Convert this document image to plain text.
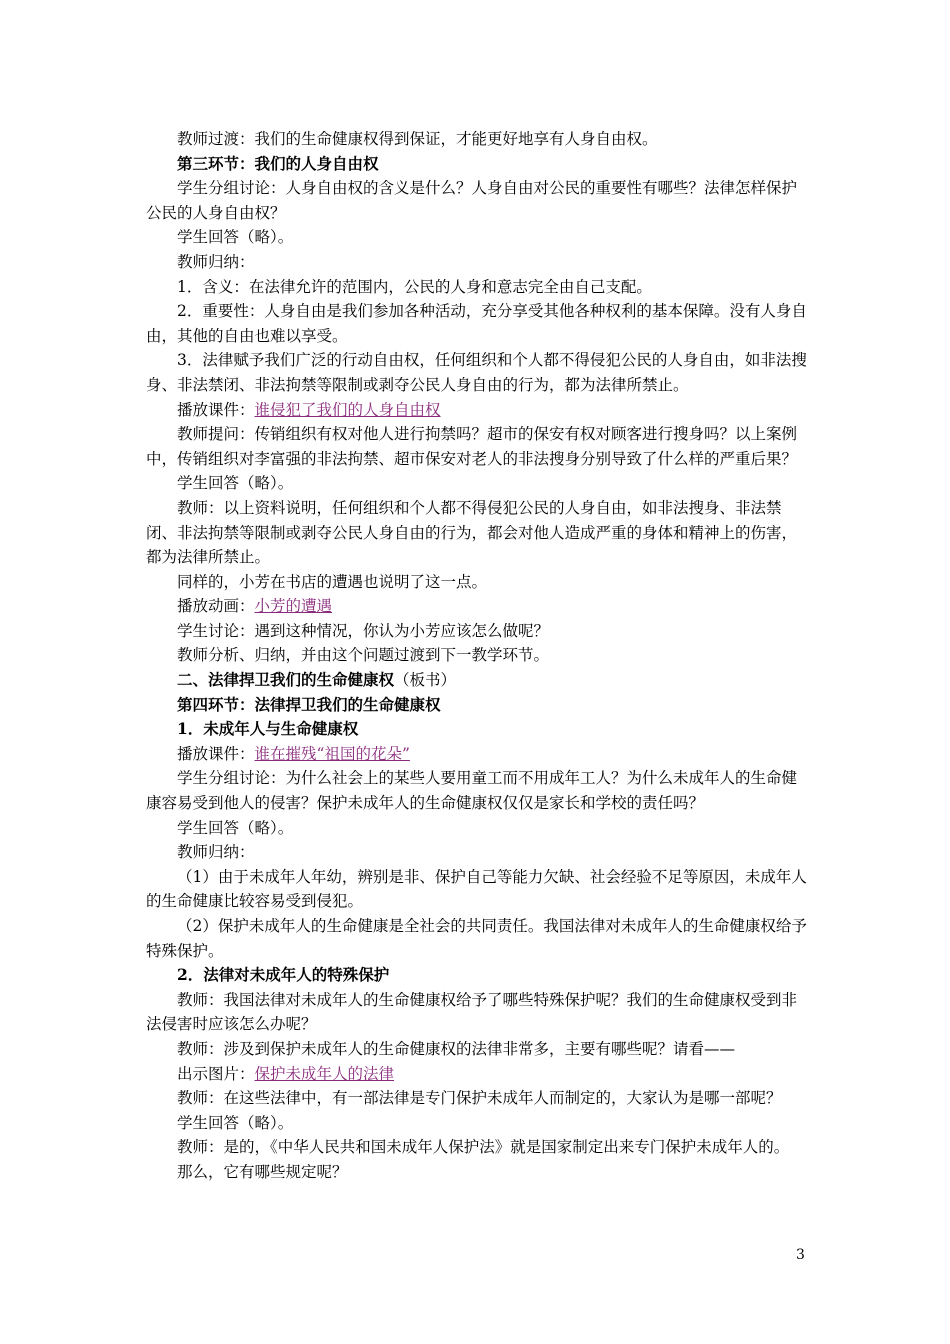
教师过渡：我们的生命健康权得到保证，才能更好地享有人身自由权。

第三环节：我们的人身自由权

学生分组讨论：人身自由权的含义是什么？人身自由对公民的重要性有哪些？法律怎样保护公民的人身自由权？

学生回答（略）。

教师归纳：

1．含义：在法律允许的范围内，公民的人身和意志完全由自己支配。

2．重要性：人身自由是我们参加各种活动，充分享受其他各种权利的基本保障。没有人身自由，其他的自由也难以享受。

3．法律赋予我们广泛的行动自由权，任何组织和个人都不得侵犯公民的人身自由，如非法搜身、非法禁闭、非法拘禁等限制或剥夺公民人身自由的行为，都为法律所禁止。

播放课件：谁侵犯了我们的人身自由权

教师提问：传销组织有权对他人进行拘禁吗？超市的保安有权对顾客进行搜身吗？以上案例中，传销组织对李富强的非法拘禁、超市保安对老人的非法搜身分别导致了什么样的严重后果？

学生回答（略）。

教师：以上资料说明，任何组织和个人都不得侵犯公民的人身自由，如非法搜身、非法禁闭、非法拘禁等限制或剥夺公民人身自由的行为，都会对他人造成严重的身体和精神上的伤害，都为法律所禁止。

同样的，小芳在书店的遭遇也说明了这一点。

播放动画：小芳的遭遇

学生讨论：遇到这种情况，你认为小芳应该怎么做呢？

教师分析、归纳，并由这个问题过渡到下一教学环节。

二、法律捍卫我们的生命健康权（板书）

第四环节：法律捍卫我们的生命健康权

1．未成年人与生命健康权

播放课件：谁在摧残“祖国的花朵”

学生分组讨论：为什么社会上的某些人要用童工而不用成年工人？为什么未成年人的生命健康容易受到他人的侵害？保护未成年人的生命健康权仅仅是家长和学校的责任吗？

学生回答（略）。

教师归纳：

（1）由于未成年人年幼，辨别是非、保护自己等能力欠缺、社会经验不足等原因，未成年人的生命健康比较容易受到侵犯。

（2）保护未成年人的生命健康是全社会的共同责任。我国法律对未成年人的生命健康权给予特殊保护。

2．法律对未成年人的特殊保护

教师：我国法律对未成年人的生命健康权给予了哪些特殊保护呢？我们的生命健康权受到非法侵害时应该怎么办呢？

教师：涉及到保护未成年人的生命健康权的法律非常多，主要有哪些呢？请看——

出示图片：保护未成年人的法律

教师：在这些法律中，有一部法律是专门保护未成年人而制定的，大家认为是哪一部呢？

学生回答（略）。

教师：是的，《中华人民共和国未成年人保护法》就是国家制定出来专门保护未成年人的。

那么，它有哪些规定呢？

3
